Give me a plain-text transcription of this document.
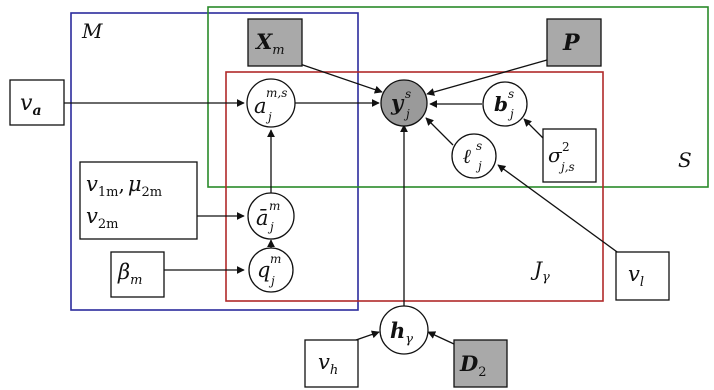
M
S
$J_\gamma$
va
$X_m$	P
a
m,s
j
y s
j	b s
j
ℓ s
j	σ 2
j,s
$v_{1m}$, $\mu_{2m}$
$v_{2m}$	ā m
j
$\beta_m$	q m
j	$v_l$
$h_\gamma$
$v_h$	$D_2$
